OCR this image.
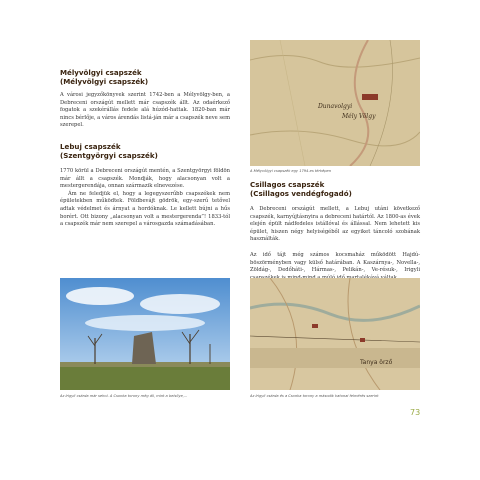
Mélyvölgyi csapszék
(Mélyvölgyi csapszék)

A városi jegyzőkönyvek szerint 1742-ben a Mélyvölgy-ben, a Debreceni országút mellett már csapszék állt. Az odaérkező fogatok a szekérállás fedele alá húzód-hattak. 1820-ban már nincs bérlője, a város árendás listá-ján már a csapszék neve sem szerepel.

Lebuj csapszék
(Szentgyörgyi csapszék)

1770 körül a Debreceni országút mentén, a Szentgyörgyi földön már állt a csapszék. Mondják, hogy alacsonyan volt a mestergerendája, onnan származik elnevezése.

Ám ne feledjük el, hogy a legegyszerűbb csapszékek nem épületekben működtek. Földbevájt gödrök, egy-szerű tetővel adtak védelmet és árnyat a hordóknak. Le kellett bújni a hűs borért. Ott bizony „alacsonyan volt a mestergerenda”! 1833-tól a csapszék már nem szerepel a városgazda számadásában.

Dunavolgyi
Mély Völgy
A Mélyvölgyi csapszék egy 1794-es térképen
Csillagos csapszék
(Csillagos vendégfogadó)

A Debreceni országút mellett, a Lebuj utáni következő csapszék, karnyújtásnyira a debreceni határtól. Az 1800-as évek elején épült nádfedeles istállóval és állással. Nem lehetett kis épület, hiszen négy helyiségéből az egyiket táncoló szobának használták.

Az idő tájt még számos kocsmaház működött Hajdú-böszörményben vagy külső határában. A Kaszárnya-, Novella-, Zöldág-, Dedőháti-, Hármas-, Pelikán-, Ve-résuk-, Irigyli

Az Irigyli csárda már sehol. A Csonka torony még áll, mint a belsőye,...
Tanya örző
Az Irigyli csárda és a Csonka torony a második katonai felmérés szerint
73
